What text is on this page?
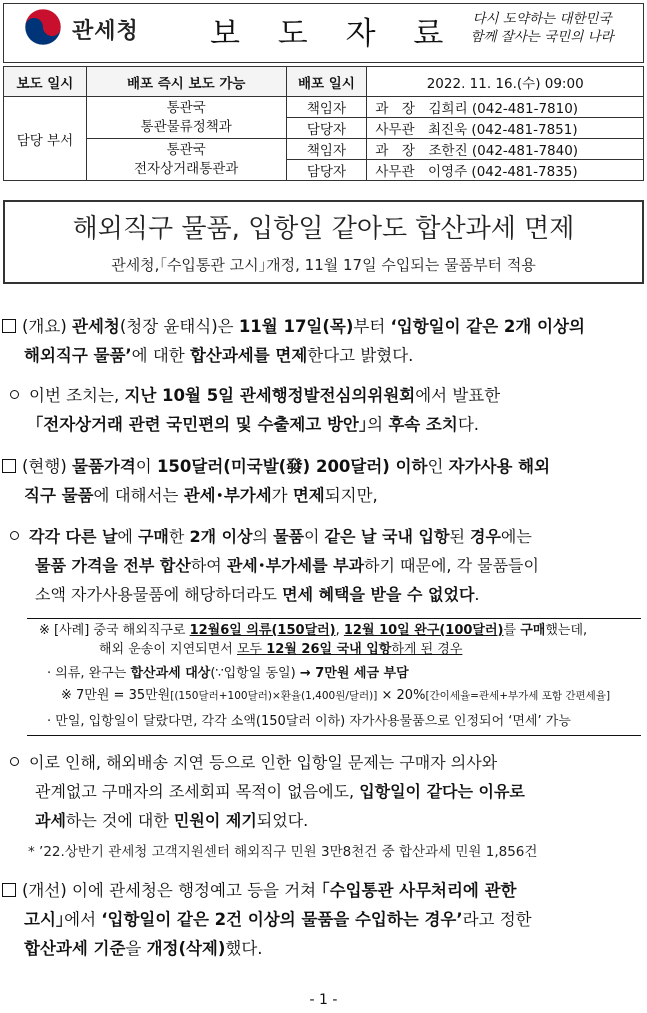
관세청 보 도 자 료	다시 도약하는 대한민국
함께 잘사는 국민의 나라
보도 일시	배포 즉시 보도 가능	배포 일시	2022. 11. 16.(수) 09:00
담당 부서	통관국
통관물류정책과	책임자	과　장　 김희리 (042-481-7810)
		담당자	사무관　 최진욱 (042-481-7851)

	통관국
전자상거래통관과	책임자	과　장　 조한진 (042-481-7840)
		담당자	사무관　 이영주 (042-481-7835)
해외직구 물품, 입항일 같아도 합산과세 면제
관세청,｢수입통관 고시｣개정, 11월 17일 수입되는 물품부터 적용
(개요) 관세청(청장 윤태식)은 11월 17일(목)부터 ‘입항일이 같은 2개 이상의
해외직구 물품’에 대한 합산과세를 면제한다고 밝혔다.
이번 조치는, 지난 10월 5일 관세행정발전심의위원회에서 발표한
｢전자상거래 관련 국민편의 및 수출제고 방안｣의 후속 조치다.
(현행) 물품가격이 150달러(미국발(發) 200달러) 이하인 자가사용 해외
직구 물품에 대해서는 관세･부가세가 면제되지만,
각각 다른 날에 구매한 2개 이상의 물품이 같은 날 국내 입항된 경우에는
물품 가격을 전부 합산하여 관세･부가세를 부과하기 때문에, 각 물품들이
소액 자가사용물품에 해당하더라도 면세 혜택을 받을 수 없었다.
※ [사례] 중국 해외직구로 12월6일 의류(150달러), 12월 10일 완구(100달러)를 구매했는데,
해외 운송이 지연되면서 모두 12월 26일 국내 입항하게 된 경우
· 의류, 완구는 합산과세 대상(∵입항일 동일) → 7만원 세금 부담
※ 7만원 = 35만원[(150달러+100달러)×환율(1,400원/달러)] × 20%[간이세율=관세+부가세 포함 간편세율]
· 만일, 입항일이 달랐다면, 각각 소액(150달러 이하) 자가사용물품으로 인정되어 ‘면세’ 가능
이로 인해, 해외배송 지연 등으로 인한 입항일 문제는 구매자 의사와
관계없고 구매자의 조세회피 목적이 없음에도, 입항일이 같다는 이유로
과세하는 것에 대한 민원이 제기되었다.
* ’22.상반기 관세청 고객지원센터 해외직구 민원 3만8천건 중 합산과세 민원 1,856건
(개선) 이에 관세청은 행정예고 등을 거쳐 ｢수입통관 사무처리에 관한
고시｣에서 ‘입항일이 같은 2건 이상의 물품을 수입하는 경우’라고 정한
합산과세 기준을 개정(삭제)했다.
- 1 -
